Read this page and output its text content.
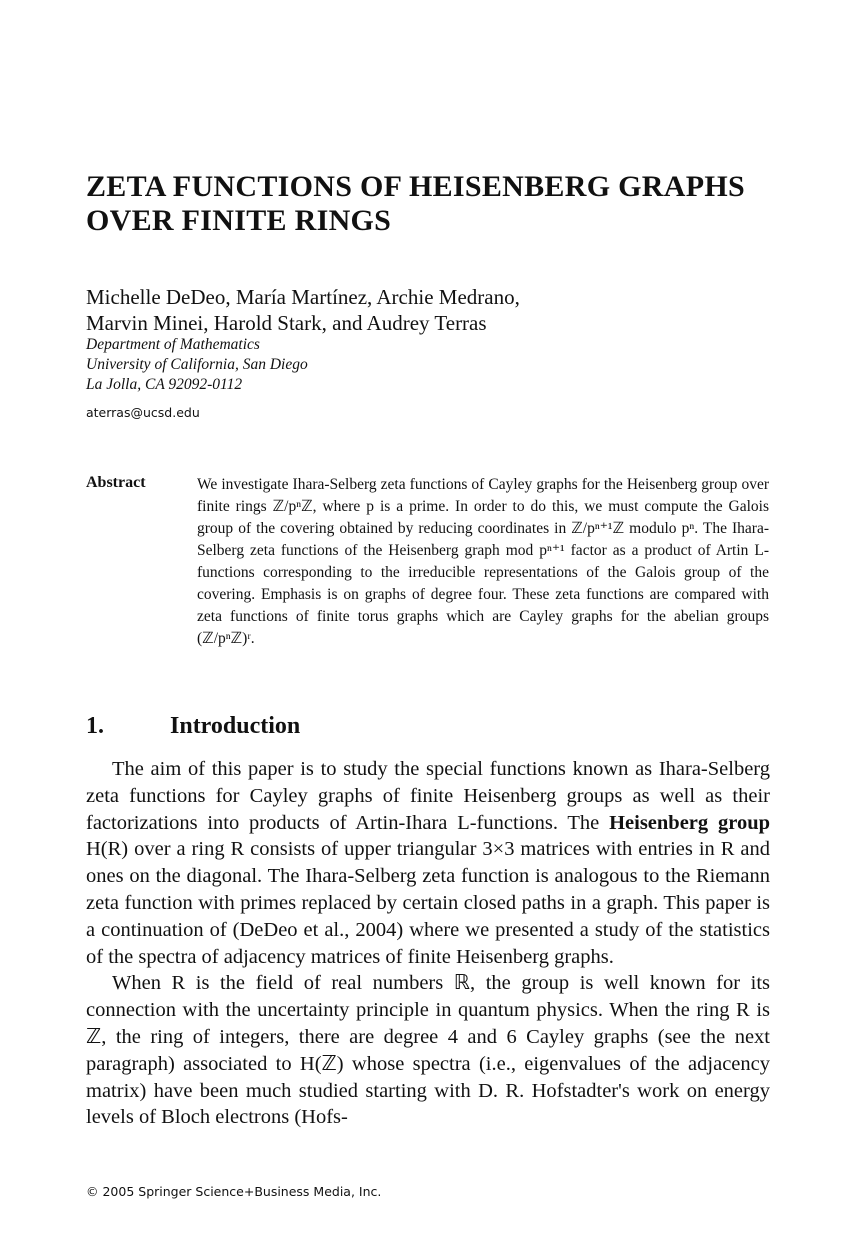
ZETA FUNCTIONS OF HEISENBERG GRAPHS OVER FINITE RINGS
Michelle DeDeo, María Martínez, Archie Medrano,
Marvin Minei, Harold Stark, and Audrey Terras
Department of Mathematics
University of California, San Diego
La Jolla, CA 92092-0112
aterras@ucsd.edu
Abstract	We investigate Ihara-Selberg zeta functions of Cayley graphs for the Heisenberg group over finite rings ℤ/pⁿℤ, where p is a prime. In order to do this, we must compute the Galois group of the covering obtained by reducing coordinates in ℤ/pⁿ⁺¹ℤ modulo pⁿ. The Ihara-Selberg zeta functions of the Heisenberg graph mod pⁿ⁺¹ factor as a product of Artin L-functions corresponding to the irreducible representations of the Galois group of the covering. Emphasis is on graphs of degree four. These zeta functions are compared with zeta functions of finite torus graphs which are Cayley graphs for the abelian groups (ℤ/pⁿℤ)ʳ.
1.	Introduction

The aim of this paper is to study the special functions known as Ihara-Selberg zeta functions for Cayley graphs of finite Heisenberg groups as well as their factorizations into products of Artin-Ihara L-functions. The Heisenberg group H(R) over a ring R consists of upper triangular 3×3 matrices with entries in R and ones on the diagonal. The Ihara-Selberg zeta function is analogous to the Riemann zeta function with primes replaced by certain closed paths in a graph. This paper is a continuation of (DeDeo et al., 2004) where we presented a study of the statistics of the spectra of adjacency matrices of finite Heisenberg graphs.

When R is the field of real numbers ℝ, the group is well known for its connection with the uncertainty principle in quantum physics. When the ring R is ℤ, the ring of integers, there are degree 4 and 6 Cayley graphs (see the next paragraph) associated to H(ℤ) whose spectra (i.e., eigenvalues of the adjacency matrix) have been much studied starting with D. R. Hofstadter's work on energy levels of Bloch electrons (Hofs-

© 2005 Springer Science+Business Media, Inc.
